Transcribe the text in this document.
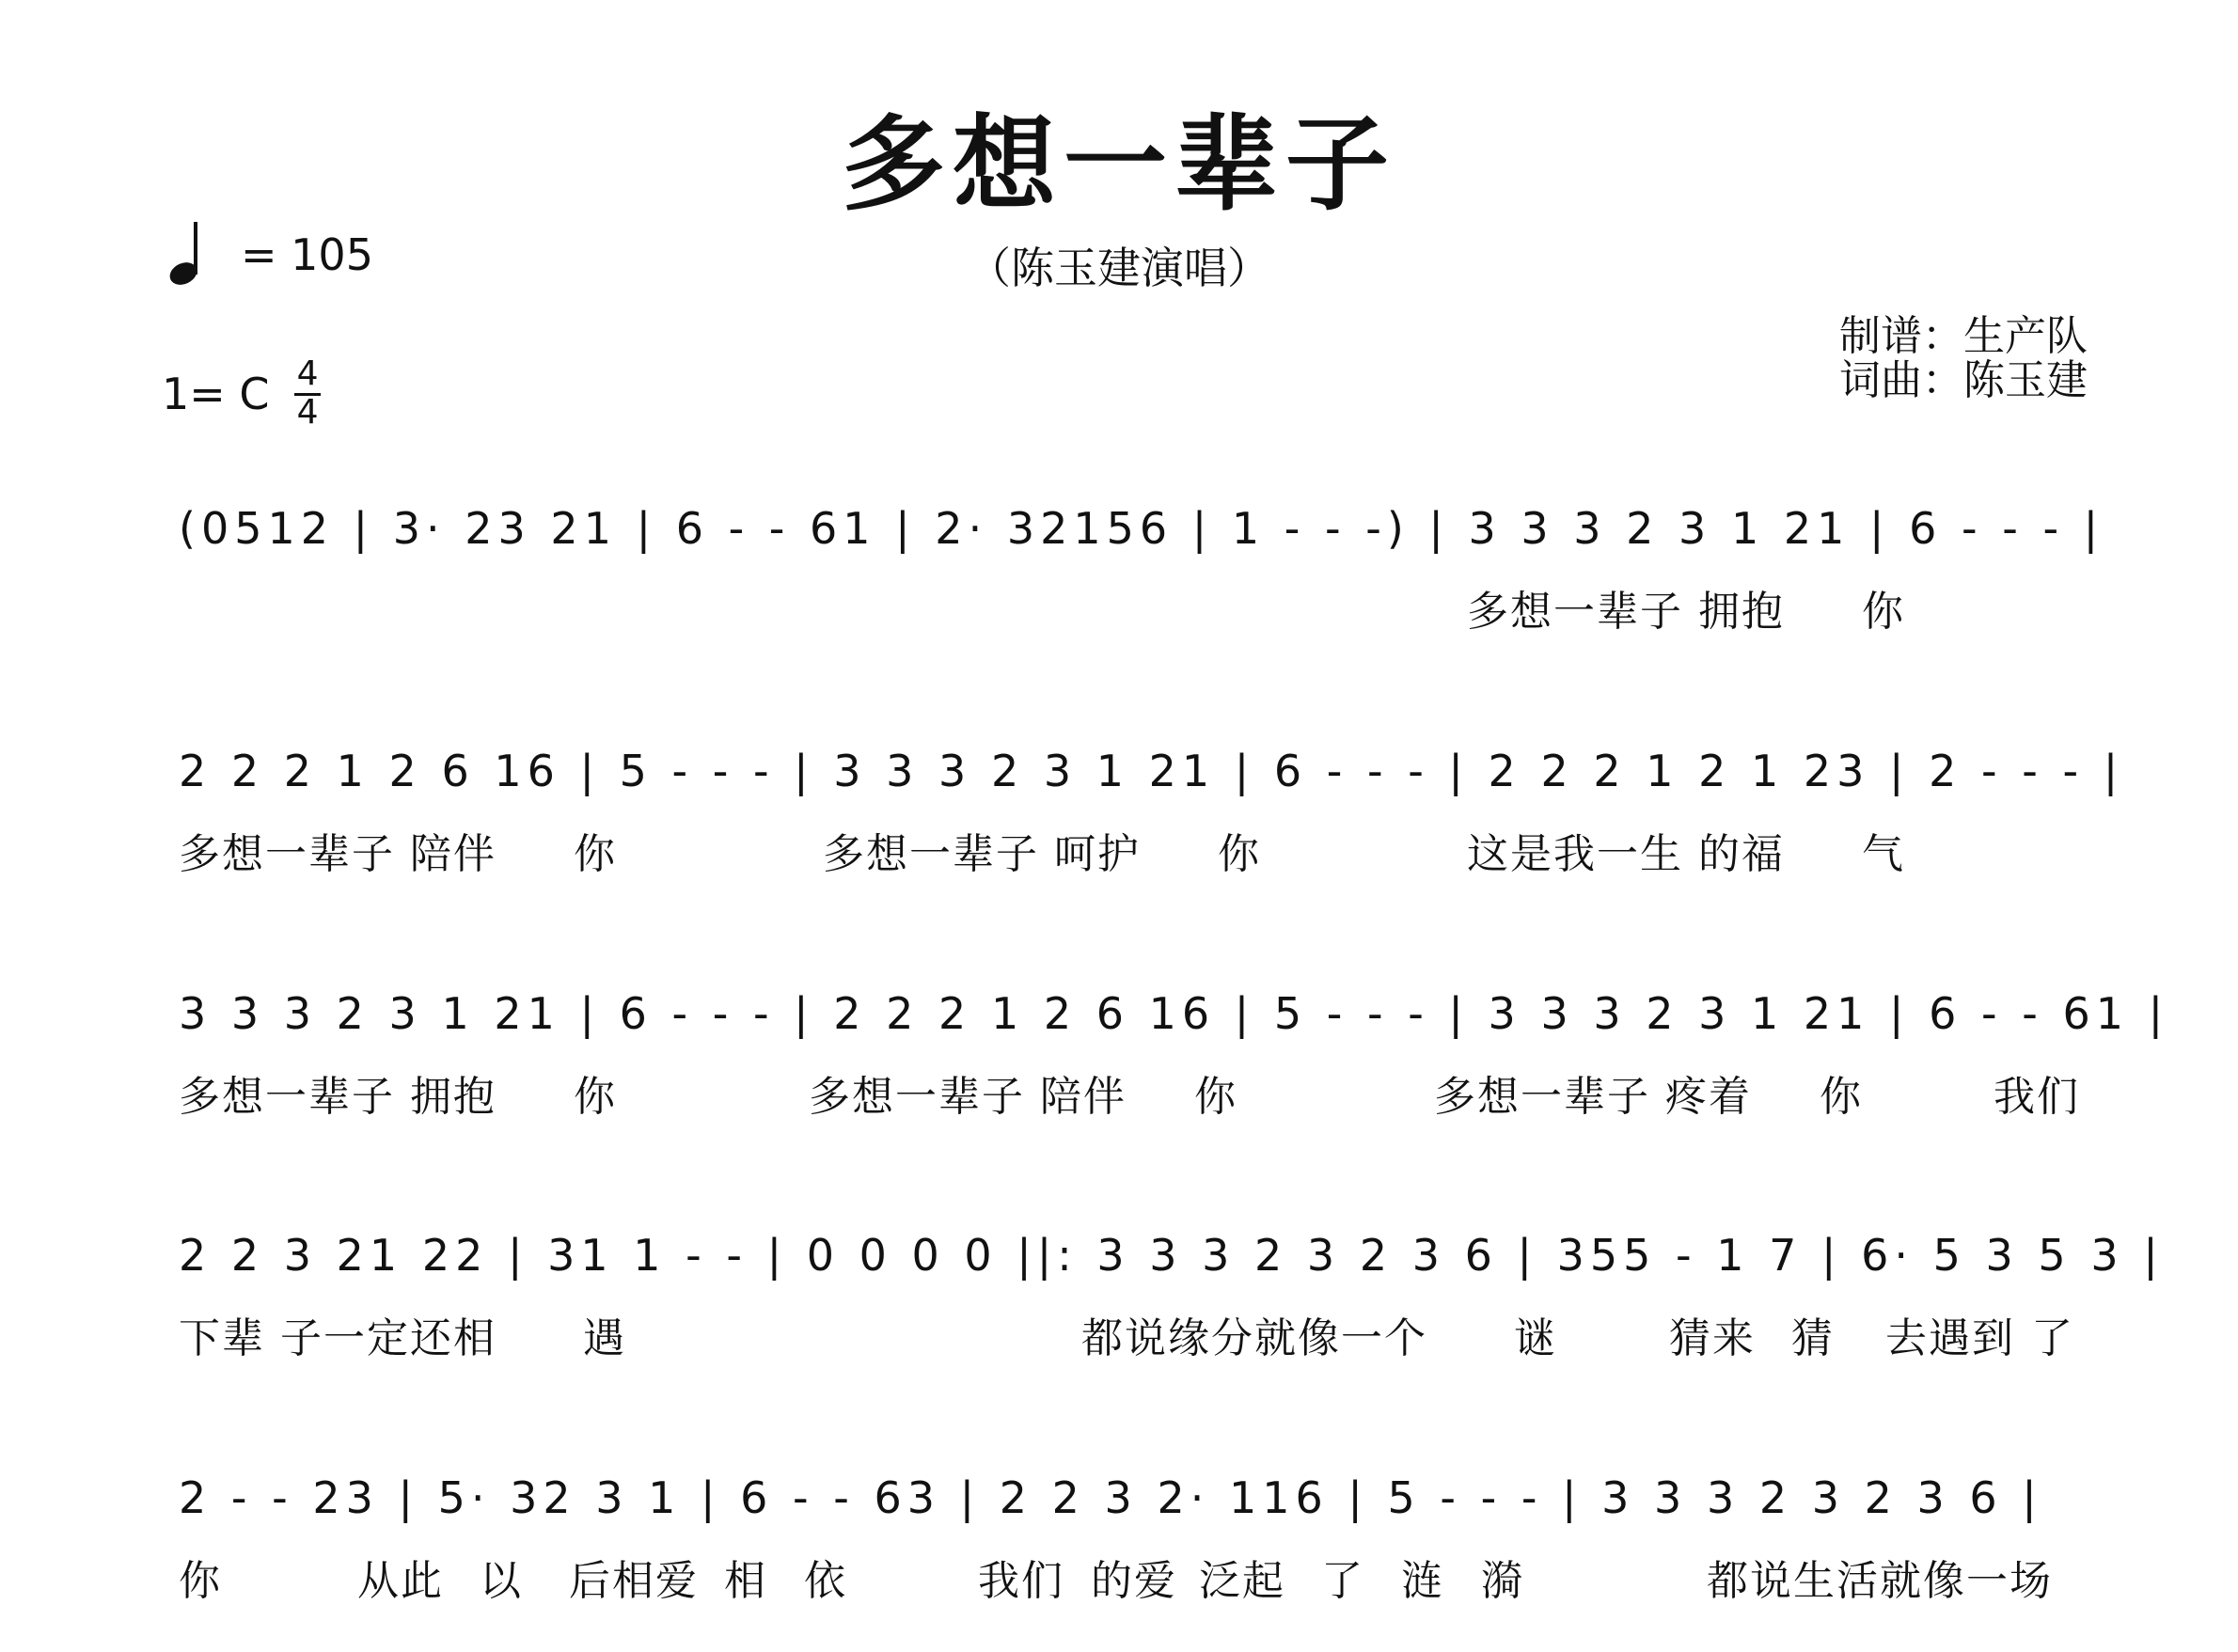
多想一辈子
（陈玉建演唱）
= 105
1= C $\frac{4}{4}$
制谱：生产队
词曲：陈玉建
(0512 | 3· 23 21 | 6 - - 61 | 2· 32156 | 1 - - -) | 3 3 3 2 3 1 21 | 6 - - - |
多想一辈子 拥抱 你
2 2 2 1 2 6 16 | 5 - - - | 3 3 3 2 3 1 21 | 6 - - - | 2 2 2 1 2 1 23 | 2 - - - |
多想一辈子 陪伴 你	多想一辈子 呵护 你	这是我一生 的福 气
3 3 3 2 3 1 21 | 6 - - - | 2 2 2 1 2 6 16 | 5 - - - | 3 3 3 2 3 1 21 | 6 - - 61 |
多想一辈子 拥抱 你	多想一辈子 陪伴 你	多想一辈子 疼着 你	我们
2 2 3 21 22 | 31 1 - - | 0 0 0 0 ||: 3 3 3 2 3 2 3 6 | 355 - 1 7 | 6· 5 3 5 3 |
下辈 子一定还相 遇	都说缘分就像一个 谜	猜来 猜 去遇到 了
2 - - 23 | 5· 32 3 1 | 6 - - 63 | 2 2 3 2· 116 | 5 - - - | 3 3 3 2 3 2 3 6 |
你	从此 以 后相爱 相 依	我们 的爱 泛起 了 涟 漪	都说生活就像一场
